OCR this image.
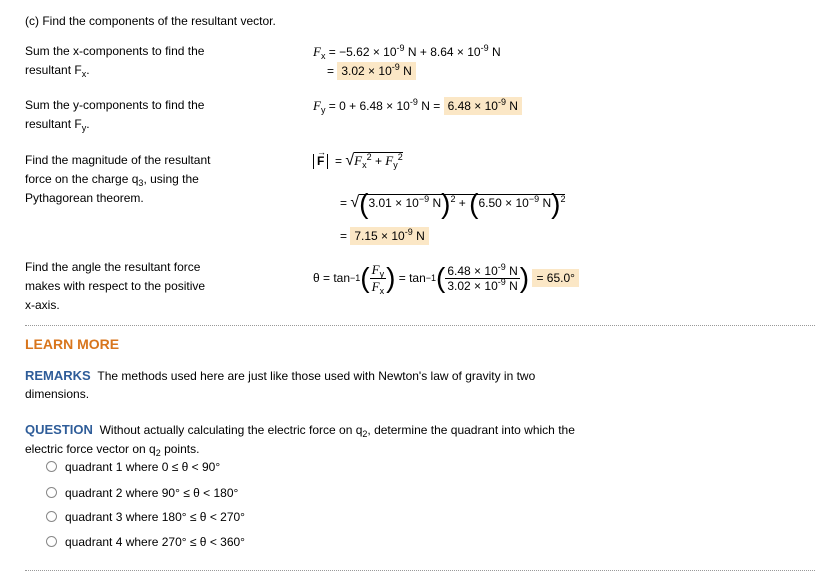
(c) Find the components of the resultant vector.
Sum the x-components to find the
resultant $F_x$.
$F_x = -5.62 \times 10^{-9}$ $N + 8.64 \times 10^{-9}$ N
= $3.02 \times 10^{-9}$ N
Sum the y-components to find the
resultant $F_y$.
$F_y = 0 + 6.48 \times 10^{-9}$ $N = 6.48 \times 10^{-9}$ N
Find the magnitude of the resultant
force on the charge $q_3$, using the
Pythagorean theorem.
F
→
= $√F_x^2 + F_y^2$
= $√(3.01 \times 10^{-9}$ $N)^2 + (6.50 \times 10^{-9}$ N)$^2$
= $7.15 \times 10^{-9}$ N
Find the angle the resultant force
makes with respect to the positive
x-axis.
θ = tan −1 ( $\frac{F_y}{F_x}$ ) = tan −1 ( $\frac{6.48 \times 10^{-9} N}{3.02 \times 10^{-9} N}$ )
= 65.0°
LEARN MORE
REMARKS The methods used here are just like those used with Newton's law of gravity in two
dimensions.
QUESTION Without actually calculating the electric force on $q_2$, determine the quadrant into which the
electric force vector on $q_2$ points.
quadrant 1 where 0 ≤ θ < 90°
quadrant 2 where 90° ≤ θ < 180°
quadrant 3 where 180° ≤ θ < 270°
quadrant 4 where 270° ≤ θ < 360°
